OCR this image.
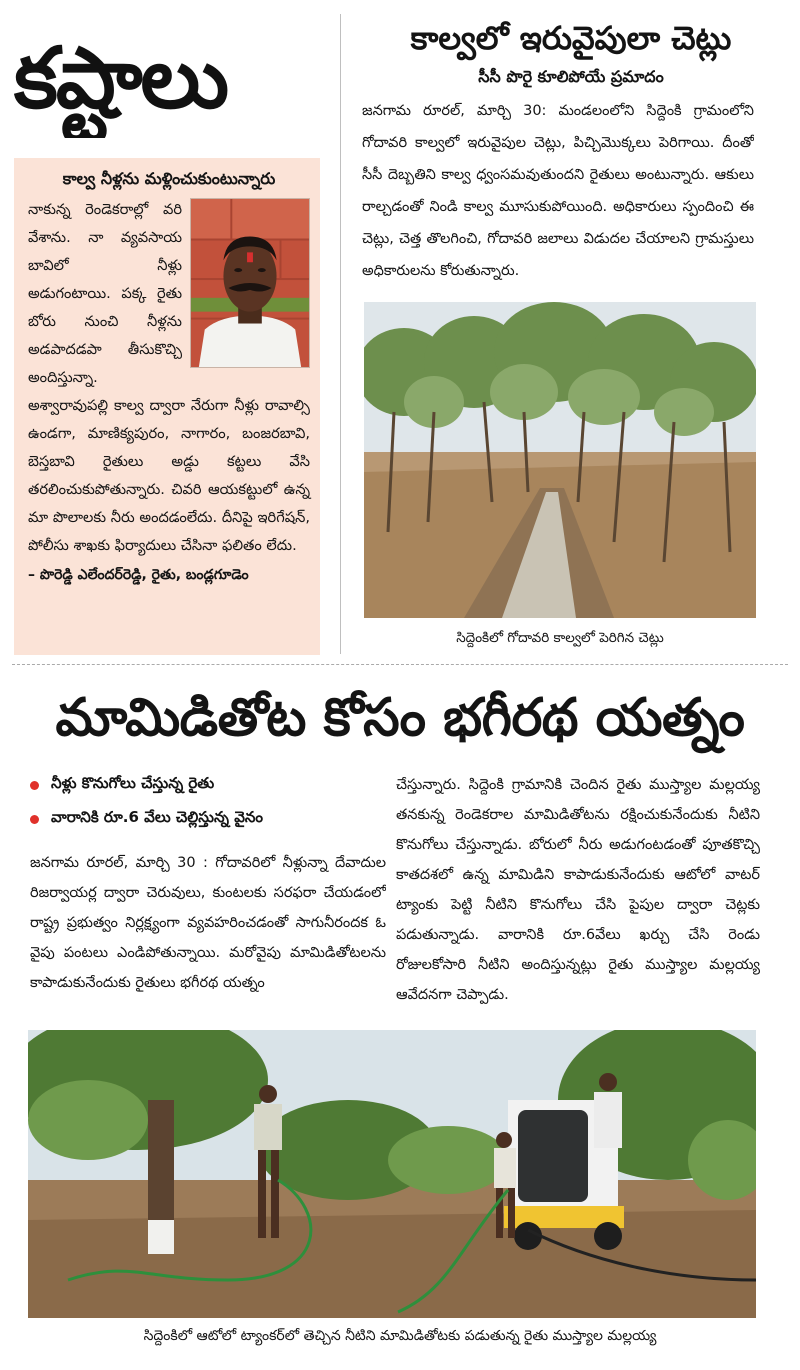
కష్టాలు
కాల్వ నీళ్లను మళ్లించుకుంటున్నారు

నాకున్న రెండెకరాల్లో వరి వేశాను. నా వ్యవసాయ బావిలో నీళ్లు అడుగంటాయి. పక్క రైతు బోరు నుంచి నీళ్లను అడపాదడపా తీసుకొచ్చి అందిస్తున్నా. అశ్వారావుపల్లి కాల్వ ద్వారా నేరుగా నీళ్లు రావాల్సి ఉండగా, మాణిక్యపురం, నాగారం, బంజరబావి, బెస్తబావి రైతులు అడ్డు కట్టలు వేసి తరలించుకుపోతున్నారు. చివరి ఆయకట్టులో ఉన్న మా పొలాలకు నీరు అందడంలేదు. దీనిపై ఇరిగేషన్, పోలీసు శాఖకు ఫిర్యాదులు చేసినా ఫలితం లేదు.

– పొరెడ్డి ఎలేందర్‌రెడ్డి, రైతు, బండ్లగూడెం
కాల్వలో ఇరువైపులా చెట్లు
సీసీ పొరై కూలిపోయే ప్రమాదం

జనగామ రూరల్, మార్చి 30: మండలంలోని సిద్దెంకి గ్రామంలోని గోదావరి కాల్వలో ఇరువైపుల చెట్లు, పిచ్చిమొక్కలు పెరిగాయి. దీంతో సీసీ దెబ్బతిని కాల్వ ధ్వంసమవుతుందని రైతులు అంటున్నారు. ఆకులు రాల్చడంతో నిండి కాల్వ మూసుకుపోయింది. అధికారులు స్పందించి ఈ చెట్లు, చెత్త తొలగించి, గోదావరి జలాలు విడుదల చేయాలని గ్రామస్తులు అధికారులను కోరుతున్నారు.

సిద్దెంకిలో గోదావరి కాల్వలో పెరిగిన చెట్లు
మామిడితోట కోసం భగీరథ యత్నం
నీళ్లు కొనుగోలు చేస్తున్న రైతు
వారానికి రూ.6 వేలు చెల్లిస్తున్న వైనం

జనగామ రూరల్, మార్చి 30 : గోదావరిలో నీళ్లున్నా దేవాదుల రిజర్వాయర్ల ద్వారా చెరువులు, కుంటలకు సరఫరా చేయడంలో రాష్ట్ర ప్రభుత్వం నిర్లక్ష్యంగా వ్యవహరించడంతో సాగునీరందక ఓ వైపు పంటలు ఎండిపోతున్నాయి. మరోవైపు మామిడితోటలను కాపాడుకునేందుకు రైతులు భగీరథ యత్నం

చేస్తున్నారు. సిద్దెంకి గ్రామానికి చెందిన రైతు ముస్త్యాల మల్లయ్య తనకున్న రెండెకరాల మామిడితోటను రక్షించుకునేందుకు నీటిని కొనుగోలు చేస్తున్నాడు. బోరులో నీరు అడుగంటడంతో పూతకొచ్చి కాతదశలో ఉన్న మామిడిని కాపాడుకునేందుకు ఆటోలో వాటర్ ట్యాంకు పెట్టి నీటిని కొనుగోలు చేసి పైపుల ద్వారా చెట్లకు పడుతున్నాడు. వారానికి రూ.6వేలు ఖర్చు చేసి రెండు రోజులకోసారి నీటిని అందిస్తున్నట్లు రైతు ముస్త్యాల మల్లయ్య ఆవేదనగా చెప్పాడు.

సిద్దెంకిలో ఆటోలో ట్యాంకర్‌లో తెచ్చిన నీటిని మామిడితోటకు పడుతున్న రైతు ముస్త్యాల మల్లయ్య
